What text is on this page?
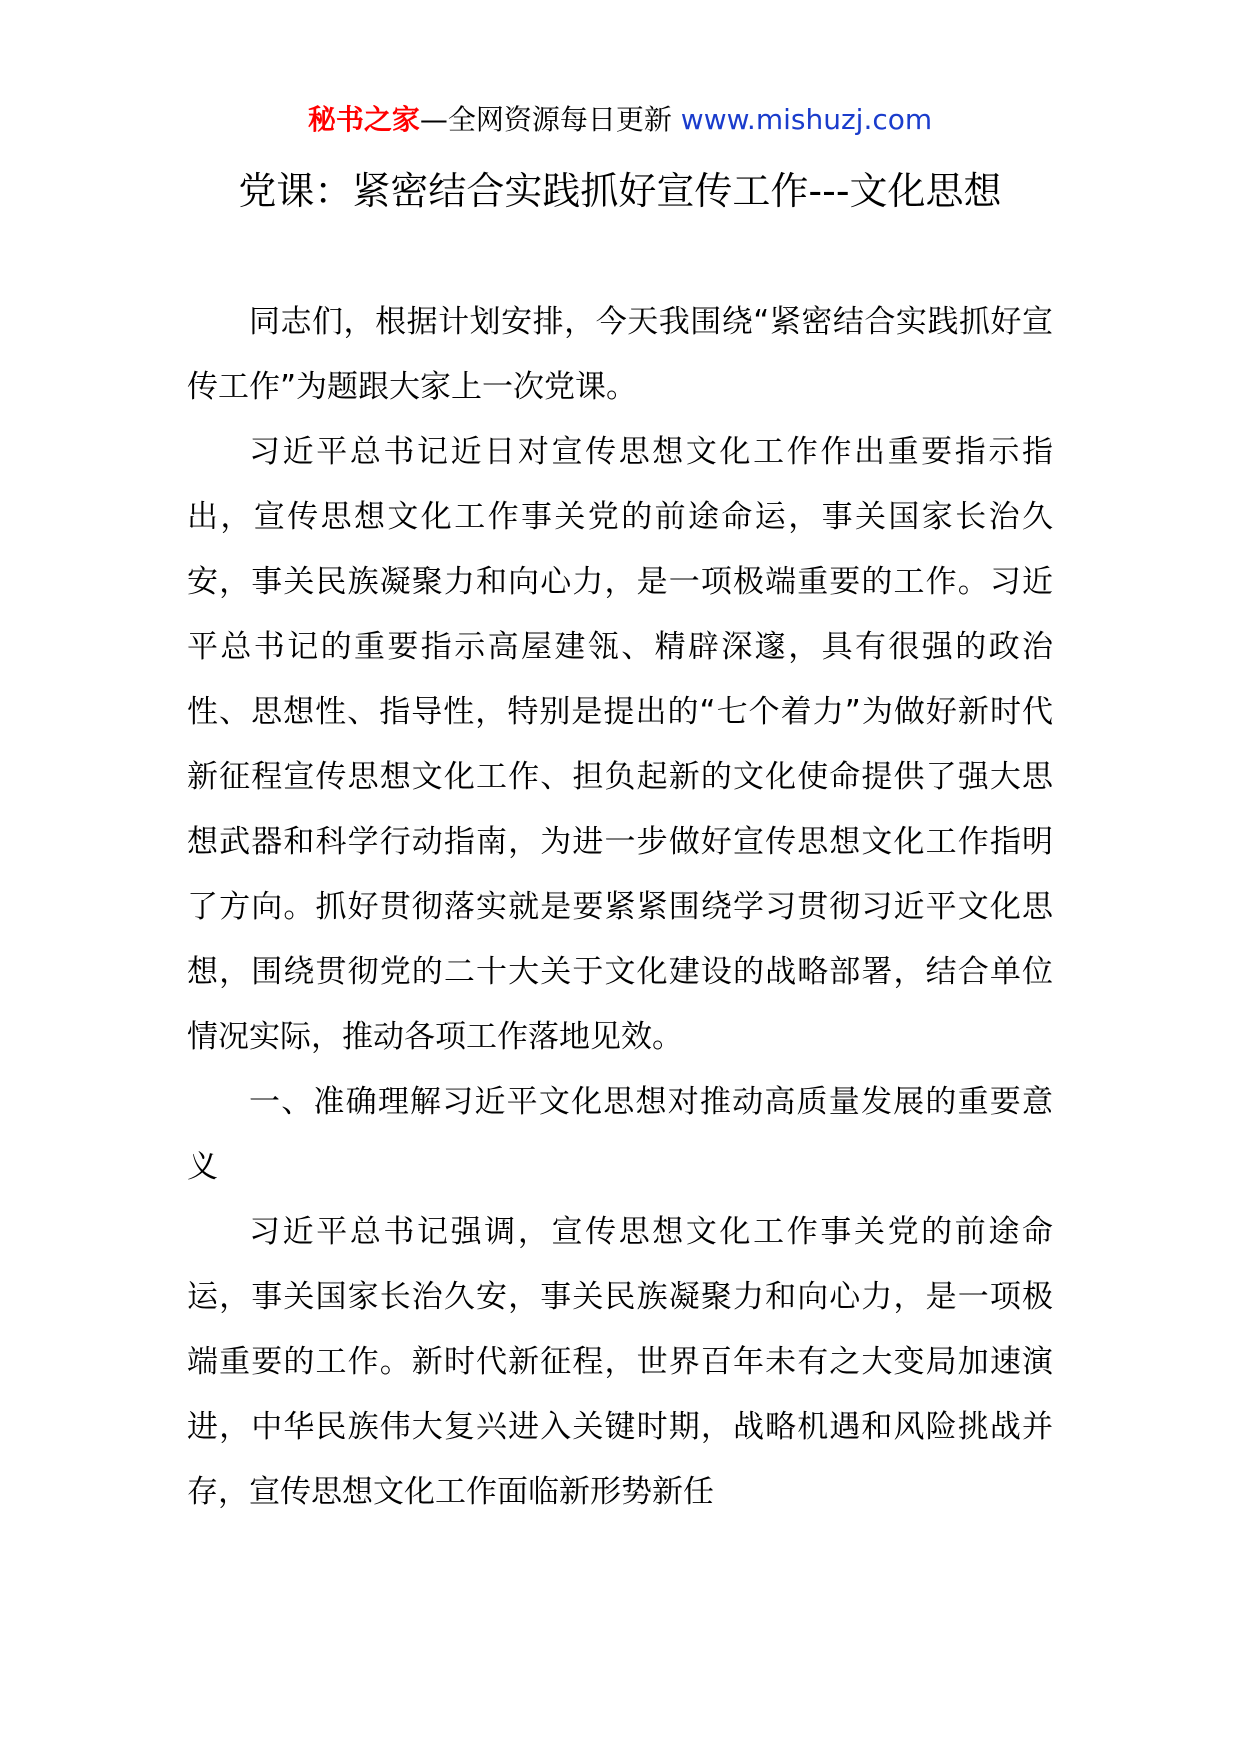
秘书之家—全网资源每日更新 www.mishuzj.com
党课：紧密结合实践抓好宣传工作---文化思想

同志们，根据计划安排，今天我围绕“紧密结合实践抓好宣传工作”为题跟大家上一次党课。

习近平总书记近日对宣传思想文化工作作出重要指示指出，宣传思想文化工作事关党的前途命运，事关国家长治久安，事关民族凝聚力和向心力，是一项极端重要的工作。习近平总书记的重要指示高屋建瓴、精辟深邃，具有很强的政治性、思想性、指导性，特别是提出的“七个着力”为做好新时代新征程宣传思想文化工作、担负起新的文化使命提供了强大思想武器和科学行动指南，为进一步做好宣传思想文化工作指明了方向。抓好贯彻落实就是要紧紧围绕学习贯彻习近平文化思想，围绕贯彻党的二十大关于文化建设的战略部署，结合单位情况实际，推动各项工作落地见效。

一、准确理解习近平文化思想对推动高质量发展的重要意义

习近平总书记强调，宣传思想文化工作事关党的前途命运，事关国家长治久安，事关民族凝聚力和向心力，是一项极端重要的工作。新时代新征程，世界百年未有之大变局加速演进，中华民族伟大复兴进入关键时期，战略机遇和风险挑战并存，宣传思想文化工作面临新形势新任
